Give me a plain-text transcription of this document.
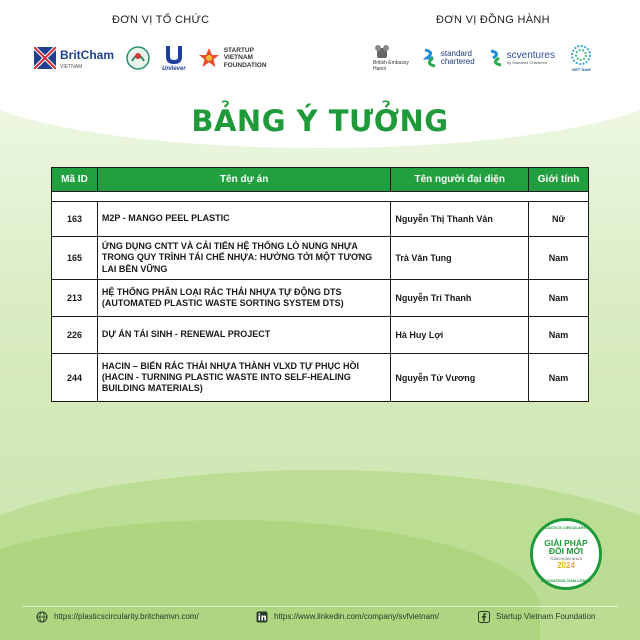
ĐƠN VỊ TỔ CHỨC	ĐƠN VỊ ĐỒNG HÀNH
BritCham
VIETNAM	Unilever
STARTUP
VIETNAM
FOUNDATION	British Embassy
Hanoi
standard
chartered
scventures
by Standard Chartered
VIET NAM
BẢNG Ý TƯỞNG
Mã ID	Tên dự án	Tên người đại diện	Giới tính

163	M2P - MANGO PEEL PLASTIC	Nguyễn Thị Thanh Vân	Nữ
165	ỨNG DỤNG CNTT VÀ CẢI TIẾN HỆ THỐNG LÒ NUNG NHỰA TRONG QUY TRÌNH TÁI CHẾ NHỰA: HƯỚNG TỚI MỘT TƯƠNG LAI BỀN VỮNG	Trà Văn Tung	Nam
213	HỆ THỐNG PHÂN LOẠI RÁC THẢI NHỰA TỰ ĐỘNG DTS (AUTOMATED PLASTIC WASTE SORTING SYSTEM DTS)	Nguyễn Trí Thanh	Nam
226	DỰ ÁN TÁI SINH - RENEWAL PROJECT	Hà Huy Lợi	Nam
244	HACIN – BIẾN RÁC THẢI NHỰA THÀNH VLXD TỰ PHỤC HỒI (HACIN - TURNING PLASTIC WASTE INTO SELF-HEALING BUILDING MATERIALS)	Nguyễn Tử Vương	Nam
PLASTICS CIRCULARITY
GIẢI PHÁP
ĐỔI MỚI
TUẦN HOÀN NHỰA
2024
INNOVATION CHALLENGE
https://plasticscircularity.britchamvn.com/	https://www.linkedin.com/company/svfvietnam/	Startup Vietnam Foundation
